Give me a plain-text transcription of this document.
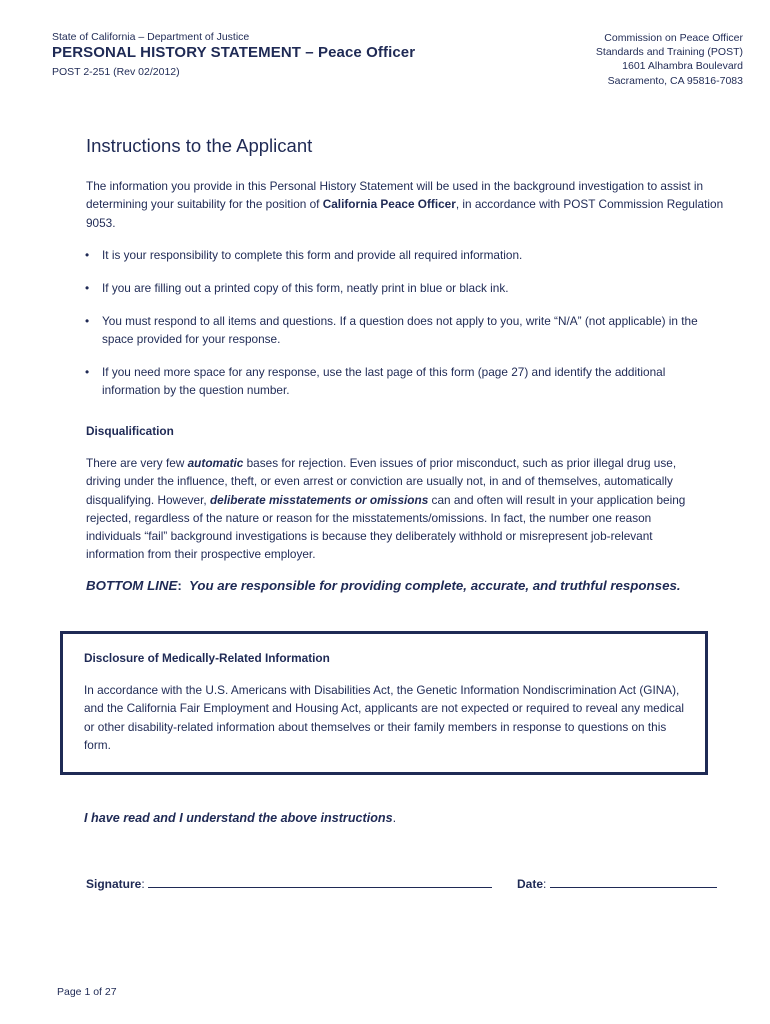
State of California – Department of Justice
PERSONAL HISTORY STATEMENT – Peace Officer
POST 2-251 (Rev 02/2012)
Commission on Peace Officer
Standards and Training (POST)
1601 Alhambra Boulevard
Sacramento, CA 95816-7083
Instructions to the Applicant
The information you provide in this Personal History Statement will be used in the background investigation to assist in determining your suitability for the position of California Peace Officer, in accordance with POST Commission Regulation 9053.
• It is your responsibility to complete this form and provide all required information.
• If you are filling out a printed copy of this form, neatly print in blue or black ink.
• You must respond to all items and questions. If a question does not apply to you, write “N/A” (not applicable) in the space provided for your response.
• If you need more space for any response, use the last page of this form (page 27) and identify the additional information by the question number.
Disqualification
There are very few automatic bases for rejection. Even issues of prior misconduct, such as prior illegal drug use, driving under the influence, theft, or even arrest or conviction are usually not, in and of themselves, automatically disqualifying. However, deliberate misstatements or omissions can and often will result in your application being rejected, regardless of the nature or reason for the misstatements/omissions. In fact, the number one reason individuals “fail” background investigations is because they deliberately withhold or misrepresent job-relevant information from their prospective employer.
BOTTOM LINE: You are responsible for providing complete, accurate, and truthful responses.
Disclosure of Medically-Related Information
In accordance with the U.S. Americans with Disabilities Act, the Genetic Information Nondiscrimination Act (GINA), and the California Fair Employment and Housing Act, applicants are not expected or required to reveal any medical or other disability-related information about themselves or their family members in response to questions on this form.
I have read and I understand the above instructions.
Signature:	Date:
Page 1 of 27
